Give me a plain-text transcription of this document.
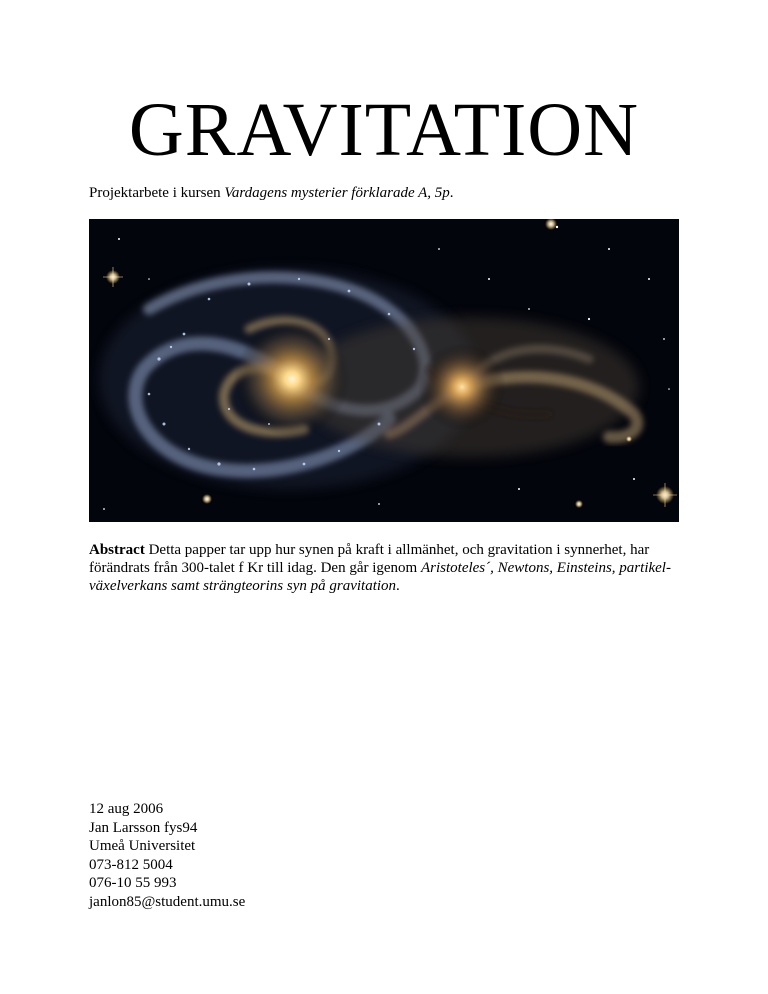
GRAVITATION
Projektarbete i kursen Vardagens mysterier förklarade A, 5p.
Abstract Detta papper tar upp hur synen på kraft i allmänhet, och gravitation i synnerhet, har
förändrats från 300-talet f Kr till idag. Den går igenom Aristoteles´, Newtons, Einsteins, partikel-
växelverkans samt strängteorins syn på gravitation.
12 aug 2006
Jan Larsson fys94
Umeå Universitet
073-812 5004
076-10 55 993
janlon85@student.umu.se
